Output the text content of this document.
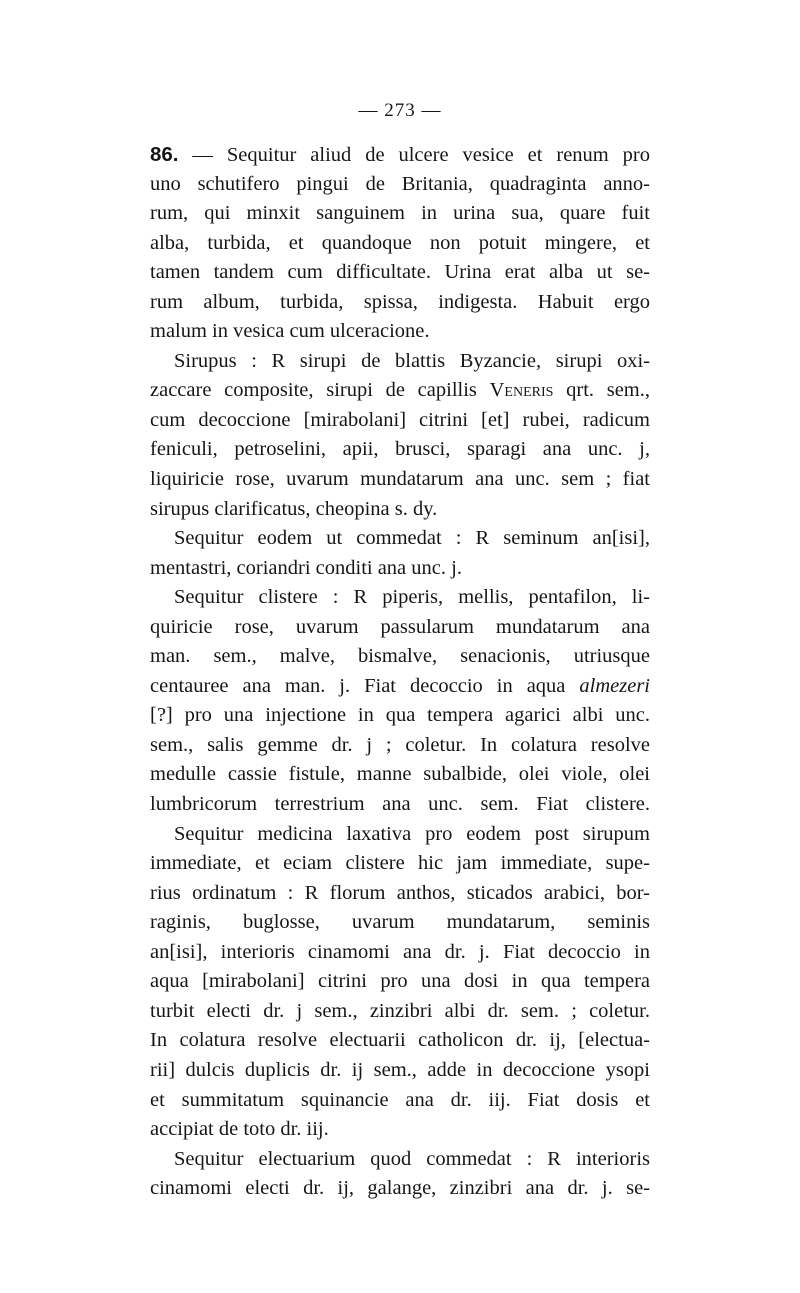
— 273 —
86. — Sequitur aliud de ulcere vesice et renum pro
uno schutifero pingui de Britania, quadraginta anno-
rum, qui minxit sanguinem in urina sua, quare fuit
alba, turbida, et quandoque non potuit mingere, et
tamen tandem cum difficultate. Urina erat alba ut se-
rum album, turbida, spissa, indigesta. Habuit ergo
malum in vesica cum ulceracione.
Sirupus : R sirupi de blattis Byzancie, sirupi oxi-
zaccare composite, sirupi de capillis Veneris qrt. sem.,
cum decoccione [mirabolani] citrini [et] rubei, radicum
feniculi, petroselini, apii, brusci, sparagi ana unc. j,
liquiricie rose, uvarum mundatarum ana unc. sem ; fiat
sirupus clarificatus, cheopina s. dy.
Sequitur eodem ut commedat : R seminum an[isi],
mentastri, coriandri conditi ana unc. j.
Sequitur clistere : R piperis, mellis, pentafilon, li-
quiricie rose, uvarum passularum mundatarum ana
man. sem., malve, bismalve, senacionis, utriusque
centauree ana man. j. Fiat decoccio in aqua almezeri
[?] pro una injectione in qua tempera agarici albi unc.
sem., salis gemme dr. j ; coletur. In colatura resolve
medulle cassie fistule, manne subalbide, olei viole, olei
lumbricorum terrestrium ana unc. sem. Fiat clistere.
Sequitur medicina laxativa pro eodem post sirupum
immediate, et eciam clistere hic jam immediate, supe-
rius ordinatum : R florum anthos, sticados arabici, bor-
raginis, buglosse, uvarum mundatarum, seminis
an[isi], interioris cinamomi ana dr. j. Fiat decoccio in
aqua [mirabolani] citrini pro una dosi in qua tempera
turbit electi dr. j sem., zinzibri albi dr. sem. ; coletur.
In colatura resolve electuarii catholicon dr. ij, [electua-
rii] dulcis duplicis dr. ij sem., adde in decoccione ysopi
et summitatum squinancie ana dr. iij. Fiat dosis et
accipiat de toto dr. iij.
Sequitur electuarium quod commedat : R interioris
cinamomi electi dr. ij, galange, zinzibri ana dr. j. se-
